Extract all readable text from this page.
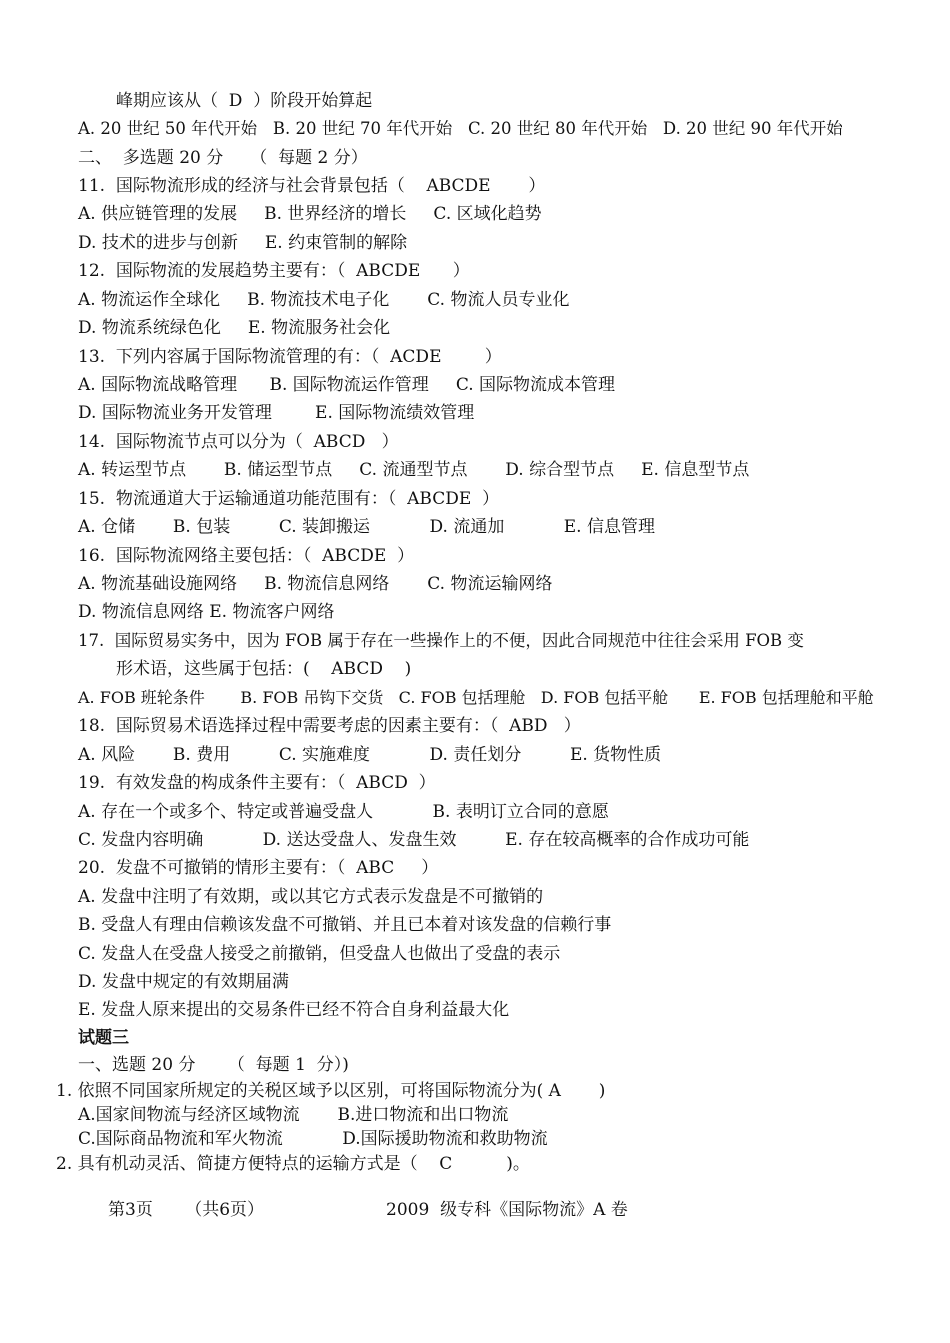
峰期应该从（  D  ）阶段开始算起
A. 20 世纪 50 年代开始   B. 20 世纪 70 年代开始   C. 20 世纪 80 年代开始   D. 20 世纪 90 年代开始
二、  多选题 20 分     （  每题 2 分）
11.  国际物流形成的经济与社会背景包括（    ABCDE       ）
A. 供应链管理的发展     B. 世界经济的增长     C. 区域化趋势
D. 技术的进步与创新     E. 约束管制的解除
12.  国际物流的发展趋势主要有：（  ABCDE      ）
A. 物流运作全球化     B. 物流技术电子化       C. 物流人员专业化
D. 物流系统绿色化     E. 物流服务社会化
13.  下列内容属于国际物流管理的有：（  ACDE        ）
A. 国际物流战略管理      B. 国际物流运作管理     C. 国际物流成本管理
D. 国际物流业务开发管理        E. 国际物流绩效管理
14.  国际物流节点可以分为（  ABCD   ）
A. 转运型节点       B. 储运型节点     C. 流通型节点       D. 综合型节点     E. 信息型节点
15.  物流通道大于运输通道功能范围有：（  ABCDE  ）
A. 仓储       B. 包装         C. 装卸搬运           D. 流通加           E. 信息管理
16.  国际物流网络主要包括：（  ABCDE  ）
A. 物流基础设施网络     B. 物流信息网络       C. 物流运输网络
D. 物流信息网络 E. 物流客户网络
17.  国际贸易实务中，因为 FOB 属于存在一些操作上的不便，因此合同规范中往往会采用 FOB 变
形术语，这些属于包括：(    ABCD    )
A. FOB 班轮条件       B. FOB 吊钩下交货   C. FOB 包括理舱   D. FOB 包括平舱      E. FOB 包括理舱和平舱
18.  国际贸易术语选择过程中需要考虑的因素主要有：（  ABD   ）
A. 风险       B. 费用         C. 实施难度           D. 责任划分         E. 货物性质
19.  有效发盘的构成条件主要有：（  ABCD  ）
A. 存在一个或多个、特定或普遍受盘人           B. 表明订立合同的意愿
C. 发盘内容明确           D. 送达受盘人、发盘生效         E. 存在较高概率的合作成功可能
20.  发盘不可撤销的情形主要有：（  ABC     ）
A. 发盘中注明了有效期，或以其它方式表示发盘是不可撤销的
B. 受盘人有理由信赖该发盘不可撤销、并且已本着对该发盘的信赖行事
C. 发盘人在受盘人接受之前撤销，但受盘人也做出了受盘的表示
D. 发盘中规定的有效期届满
E. 发盘人原来提出的交易条件已经不符合自身利益最大化
试题三
一、选题 20 分      （  每题 1  分）)
1. 依照不同国家所规定的关税区域予以区别，可将国际物流分为( A       )
A.国家间物流与经济区域物流       B.进口物流和出口物流
C.国际商品物流和军火物流           D.国际援助物流和救助物流
2. 具有机动灵活、简捷方便特点的运输方式是（    C          )。
第3页      （共6页）	2009  级专科《国际物流》A 卷
